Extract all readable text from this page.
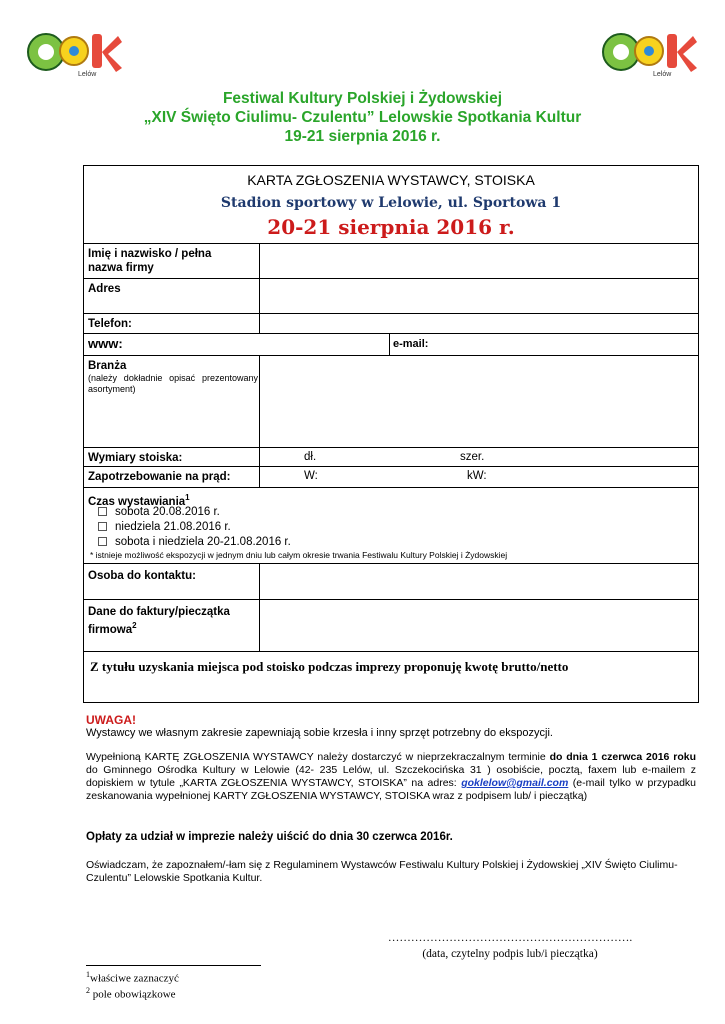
Lelów	Lelów
Festiwal Kultury Polskiej i Żydowskiej
„XIV Święto Ciulimu- Czulentu” Lelowskie Spotkania Kultur
19-21 sierpnia 2016 r.
KARTA ZGŁOSZENIA WYSTAWCY, STOISKA
Stadion sportowy w Lelowie, ul. Sportowa 1
20-21 sierpnia 2016 r.
Imię i nazwisko / pełna nazwa firmy
Adres
Telefon:
www:	e-mail:
Branża
(należy dokładnie opisać prezentowany asortyment)
Wymiary stoiska:	dł.	szer.
Zapotrzebowanie na prąd:	W:	kW:
Czas wystawiania$^1$
sobota 20.08.2016 r.
niedziela 21.08.2016 r.
sobota i niedziela 20-21.08.2016 r.
* istnieje możliwość ekspozycji w jednym dniu lub całym okresie trwania Festiwalu Kultury Polskiej i Żydowskiej
Osoba do kontaktu:
Dane do faktury/pieczątka firmowa$^2$
Z tytułu uzyskania miejsca pod stoisko podczas imprezy proponuję kwotę brutto/netto
UWAGA!
Wystawcy we własnym zakresie zapewniają sobie krzesła i inny sprzęt potrzebny do ekspozycji.
Wypełnioną KARTĘ ZGŁOSZENIA WYSTAWCY należy dostarczyć w nieprzekraczalnym terminie do dnia 1 czerwca 2016 roku do Gminnego Ośrodka Kultury w Lelowie (42- 235 Lelów, ul. Szczekocińska 31 ) osobiście, pocztą, faxem lub e-mailem z dopiskiem w tytule „KARTA ZGŁOSZENIA WYSTAWCY, STOISKA” na adres: goklelow@gmail.com (e-mail tylko w przypadku zeskanowania wypełnionej KARTY ZGŁOSZENIA WYSTAWCY, STOISKA wraz z podpisem lub/ i pieczątką)
Opłaty za udział w imprezie należy uiścić do dnia 30 czerwca 2016r.
Oświadczam, że zapoznałem/-łam się z Regulaminem Wystawców Festiwalu Kultury Polskiej i Żydowskiej „XIV Święto Ciulimu- Czulentu” Lelowskie Spotkania Kultur.
……………………………………………………….
(data, czytelny podpis lub/i pieczątka)
$^1$właściwe zaznaczyć
$^2$ pole obowiązkowe
